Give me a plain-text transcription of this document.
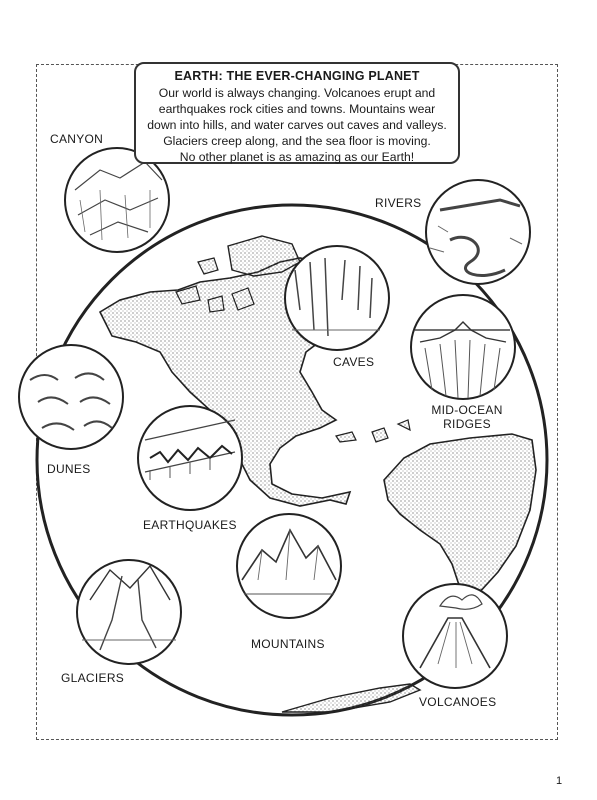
EARTH: THE EVER-CHANGING PLANET
Our world is always changing. Volcanoes erupt and
earthquakes rock cities and towns. Mountains wear
down into hills, and water carves out caves and valleys.
Glaciers creep along, and the sea floor is moving.
No other planet is as amazing as our Earth!
CANYON
RIVERS
CAVES
MID-OCEAN
RIDGES
DUNES
EARTHQUAKES
MOUNTAINS
GLACIERS
VOLCANOES
1
